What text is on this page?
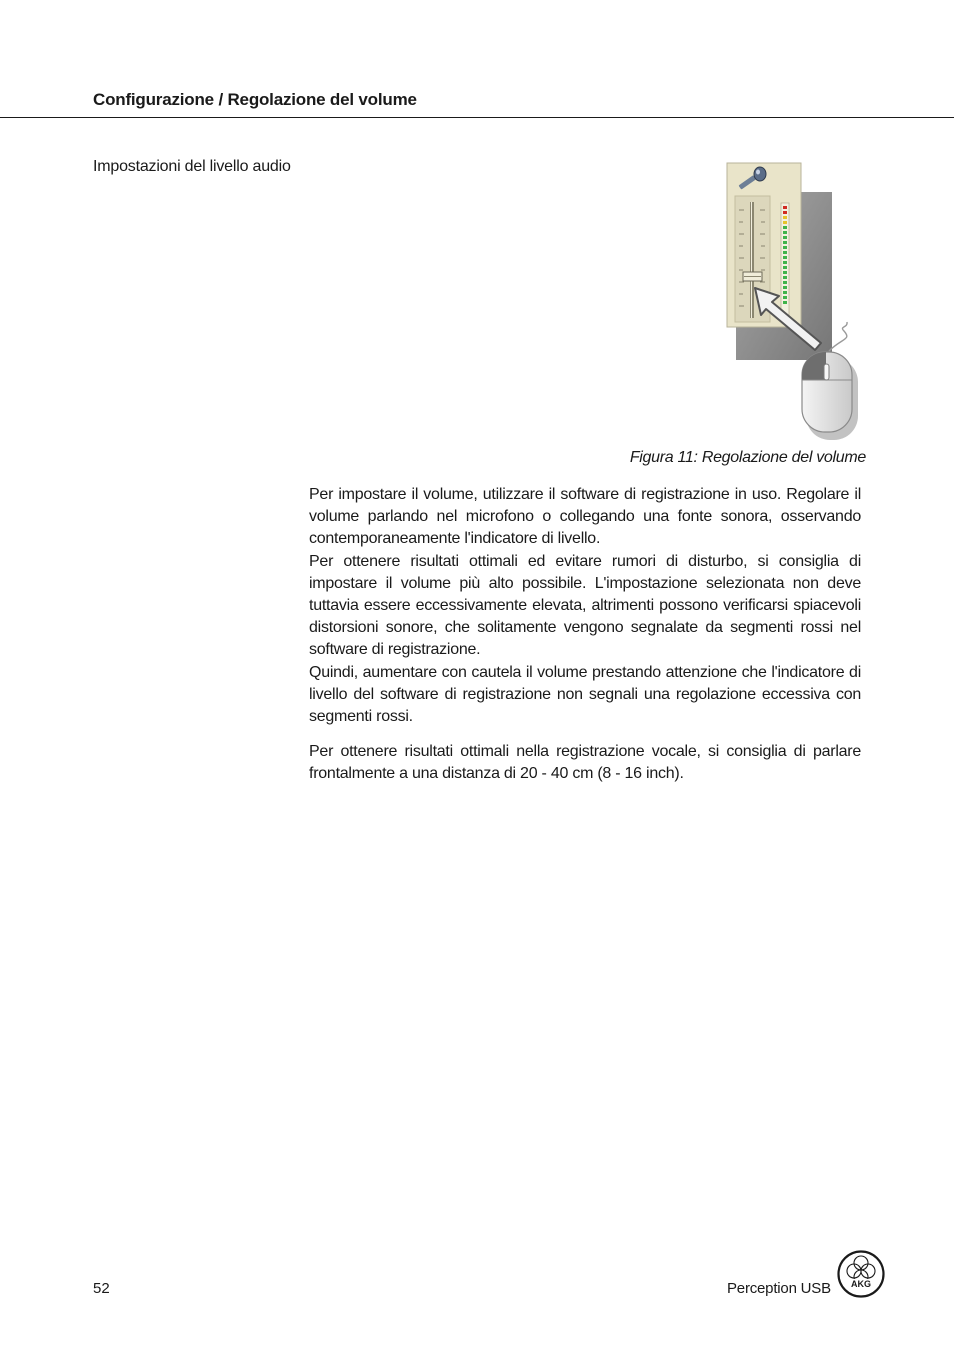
Configurazione / Regolazione del volume
Impostazioni del livello audio
Figura 11: Regolazione del volume

Per impostare il volume, utilizzare il software di registrazione in uso. Regolare il volume parlando nel microfono o collegando una fonte sonora, osservando contemporaneamente l'indicatore di livello.

Per ottenere risultati ottimali ed evitare rumori di disturbo, si consiglia di impostare il volume più alto possibile. L'impostazione selezionata non deve tuttavia essere eccessivamente elevata, altrimenti possono verificarsi spiacevoli distorsioni sonore, che solitamente vengono segnalate da segmenti rossi nel software di registrazione.

Quindi, aumentare con cautela il volume prestando attenzione che l'indicatore di livello del software di registrazione non segnali una regolazione eccessiva con segmenti rossi.

Per ottenere risultati ottimali nella registrazione vocale, si consiglia di parlare frontalmente a una distanza di 20 - 40 cm (8 - 16 inch).

52	Perception USB AKG
